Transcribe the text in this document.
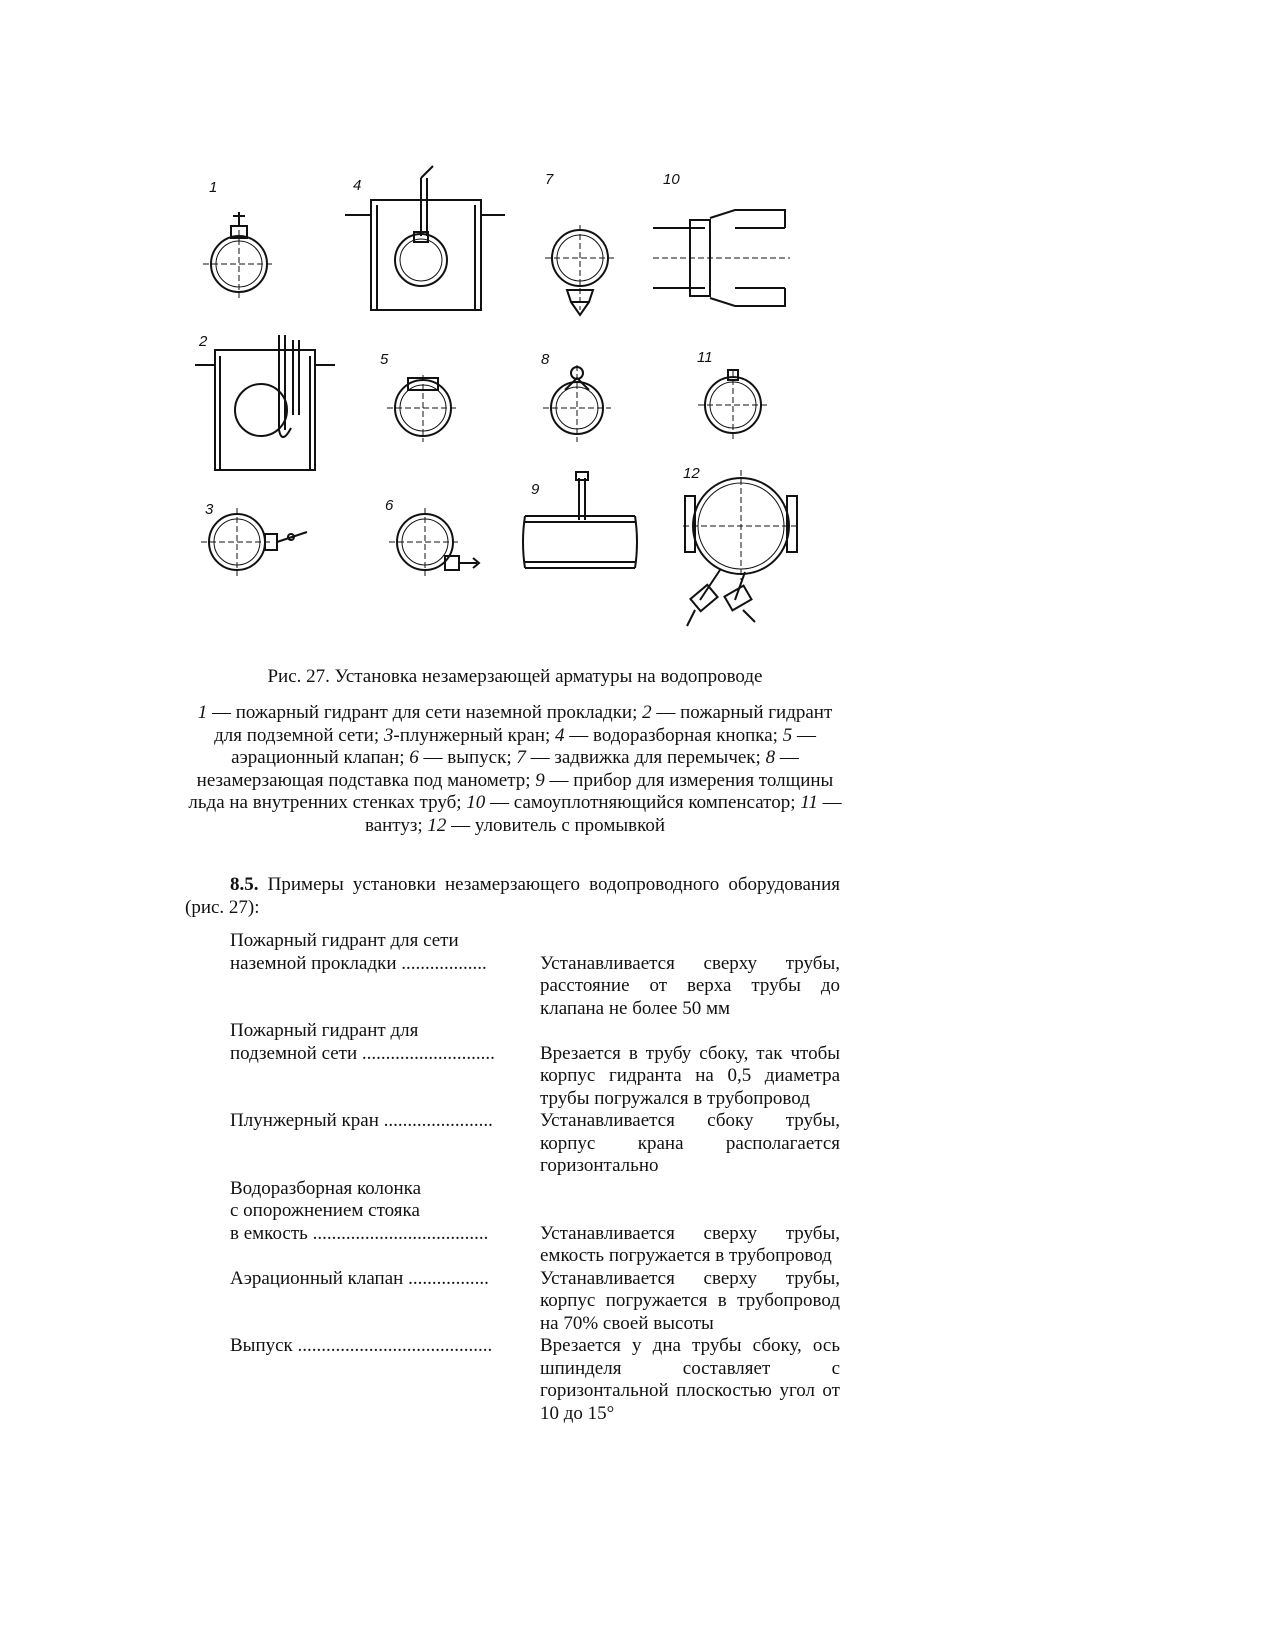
1	4	7	10
2
5	8	11
3	6
9
12
Рис. 27. Установка незамерзающей арматуры на водопроводе
1 — пожарный гидрант для сети наземной прокладки; 2 — пожарный гидрант для подземной сети; 3-плунжерный кран; 4 — водоразборная кнопка; 5 — аэрационный клапан; 6 — выпуск; 7 — задвижка для перемычек; 8 — незамерзающая подставка под манометр; 9 — прибор для измерения толщины льда на внутренних стенках труб; 10 — самоуплотняющийся компенсатор; 11 — вантуз; 12 — уловитель с промывкой
8.5. Примеры установки незамерзающего водопроводного оборудования (рис. 27):
Пожарный гидрант для сети
наземной прокладки ..................	Устанавливается сверху трубы, расстояние от верха трубы до клапана не более 50 мм
Пожарный гидрант для
подземной сети ............................	Врезается в трубу сбоку, так чтобы корпус гидранта на 0,5 диаметра трубы погружался в трубопровод
Плунжерный кран .......................	Устанавливается сбоку трубы, корпус крана располагается горизонтально
Водоразборная колонка
с опорожнением стояка
в емкость .....................................	Устанавливается сверху трубы, емкость погружается в трубопровод
Аэрационный клапан .................	Устанавливается сверху трубы, корпус погружается в трубопровод на 70% своей высоты
Выпуск .........................................	Врезается у дна трубы сбоку, ось шпинделя составляет с горизонтальной плоскостью угол от 10 до 15°
